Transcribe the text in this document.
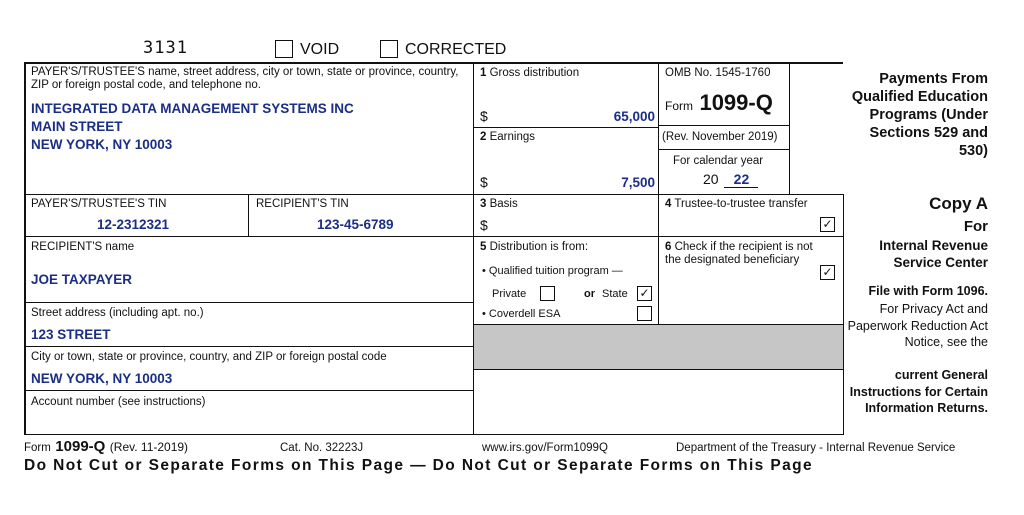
3131	VOID	CORRECTED
PAYER'S/TRUSTEE'S name, street address, city or town, state or province, country, ZIP or foreign postal code, and telephone no.
INTEGRATED DATA MANAGEMENT SYSTEMS INC
MAIN STREET
NEW YORK, NY 10003
1 Gross distribution
$	65,000
2 Earnings
$	7,500
OMB No. 1545-1760
Form 1099-Q
(Rev. November 2019)
For calendar year
20 22
Payments From Qualified Education Programs (Under Sections 529 and 530)
PAYER'S/TRUSTEE'S TIN
12-2312321
RECIPIENT'S TIN
123-45-6789
3 Basis
$
4 Trustee-to-trustee transfer
✓
RECIPIENT'S name
JOE TAXPAYER
Street address (including apt. no.)
123 STREET
City or town, state or province, country, and ZIP or foreign postal code
NEW YORK, NY 10003
Account number (see instructions)
5 Distribution is from:
• Qualified tuition program —
Private	or State ✓
• Coverdell ESA
6 Check if the recipient is not the designated beneficiary
✓
Copy A
For
Internal Revenue Service Center
File with Form 1096.
For Privacy Act and Paperwork Reduction Act Notice, see the
current General Instructions for Certain Information Returns.
Form 1099-Q (Rev. 11-2019)	Cat. No. 32223J	www.irs.gov/Form1099Q	Department of the Treasury - Internal Revenue Service
Do Not Cut or Separate Forms on This Page — Do Not Cut or Separate Forms on This Page
